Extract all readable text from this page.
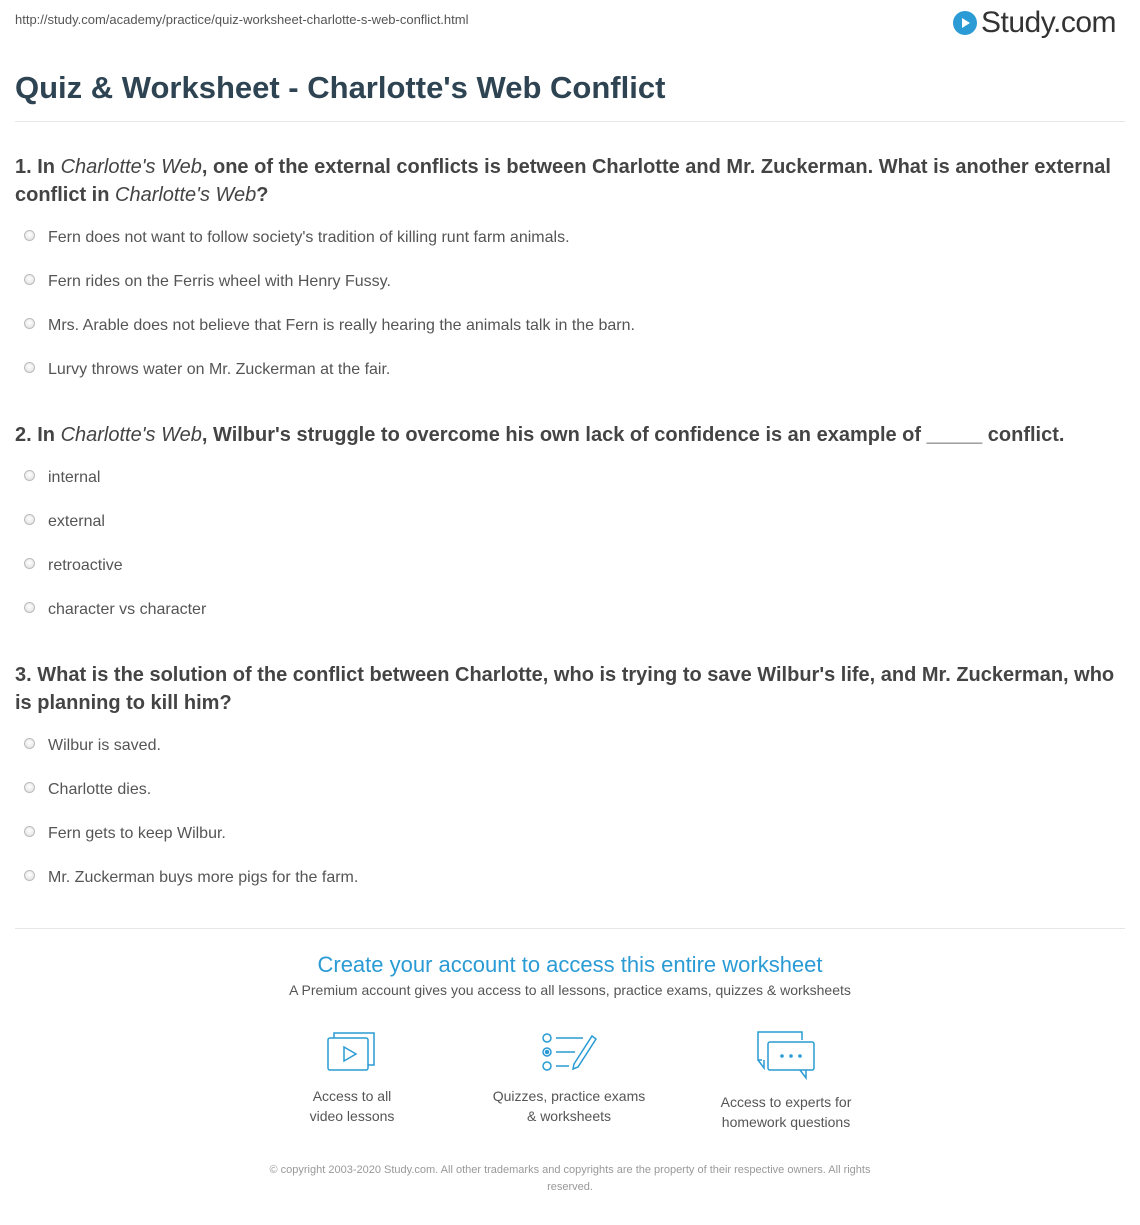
http://study.com/academy/practice/quiz-worksheet-charlotte-s-web-conflict.html	Study.com
Quiz & Worksheet - Charlotte's Web Conflict

1. In Charlotte's Web, one of the external conflicts is between Charlotte and Mr. Zuckerman. What is another external conflict in Charlotte's Web?

Fern does not want to follow society's tradition of killing runt farm animals.
Fern rides on the Ferris wheel with Henry Fussy.
Mrs. Arable does not believe that Fern is really hearing the animals talk in the barn.
Lurvy throws water on Mr. Zuckerman at the fair.

2. In Charlotte's Web, Wilbur's struggle to overcome his own lack of confidence is an example of _____ conflict.

internal
external
retroactive
character vs character

3. What is the solution of the conflict between Charlotte, who is trying to save Wilbur's life, and Mr. Zuckerman, who is planning to kill him?

Wilbur is saved.
Charlotte dies.
Fern gets to keep Wilbur.
Mr. Zuckerman buys more pigs for the farm.
Create your account to access this entire worksheet
A Premium account gives you access to all lessons, practice exams, quizzes & worksheets
Access to all
video lessons
Quizzes, practice exams
& worksheets
Access to experts for
homework questions
© copyright 2003-2020 Study.com. All other trademarks and copyrights are the property of their respective owners. All rights
reserved.
